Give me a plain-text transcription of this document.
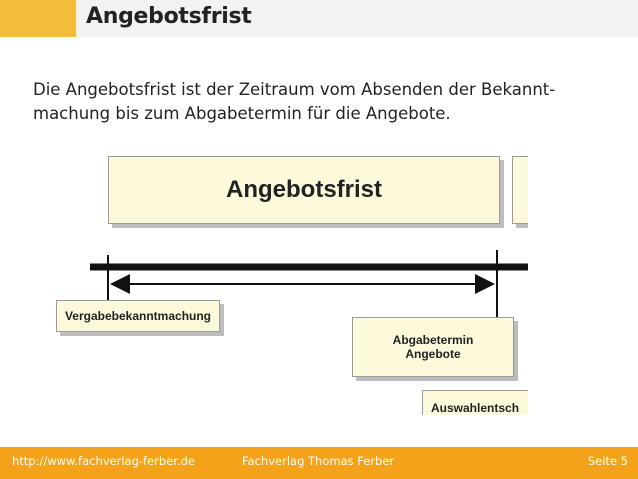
Angebotsfrist
Die Angebotsfrist ist der Zeitraum vom Absenden der Bekannt-
machung bis zum Abgabetermin für die Angebote.
Angebotsfrist
Vergabebekanntmachung
Abgabetermin
Angebote
Auswahlentsch
http://www.fachverlag-ferber.de	Fachverlag Thomas Ferber	Seite 5
